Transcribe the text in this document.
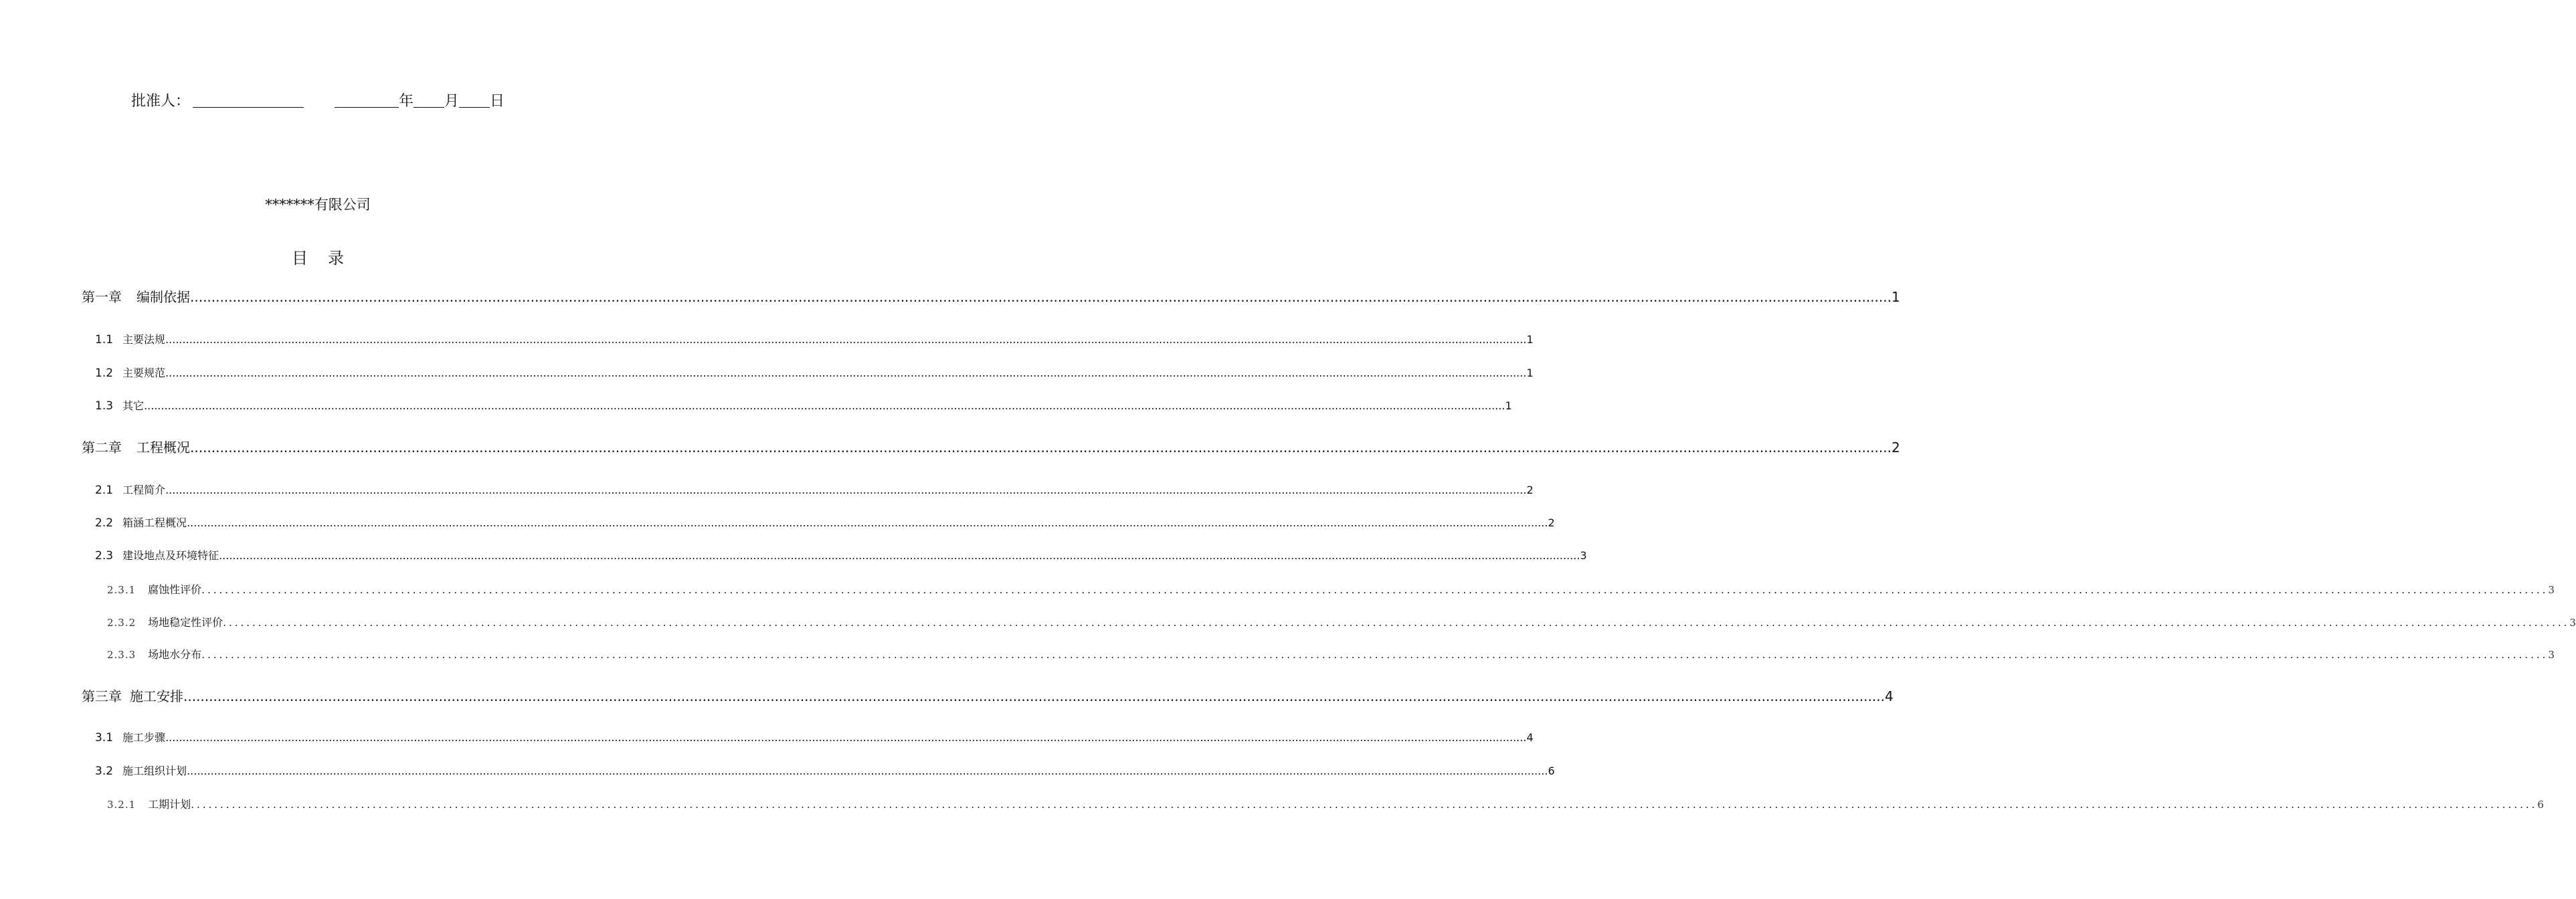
批准人：	年 月 日
*******有限公司
目录
第一章 编制依据 ................................................................................................................................................................................................................................................................................................................................................................................................................ 1
1.1 主要法规 ................................................................................................................................................................................................................................................................................................................................................................................................................ 1
1.2 主要规范 ................................................................................................................................................................................................................................................................................................................................................................................................................ 1
1.3 其它 ................................................................................................................................................................................................................................................................................................................................................................................................................ 1
第二章 工程概况 ................................................................................................................................................................................................................................................................................................................................................................................................................ 2
2.1 工程简介 ................................................................................................................................................................................................................................................................................................................................................................................................................ 2
2.2 箱涵工程概况 ................................................................................................................................................................................................................................................................................................................................................................................................................ 2
2.3 建设地点及环境特征 ................................................................................................................................................................................................................................................................................................................................................................................................................ 3
2.3.1 腐蚀性评价 ................................................................................................................................................................................................................................................................................................................................................................................................................ 3
2.3.2 场地稳定性评价 ................................................................................................................................................................................................................................................................................................................................................................................................................ 3
2.3.3 场地水分布 ................................................................................................................................................................................................................................................................................................................................................................................................................ 3
第三章 施工安排 ................................................................................................................................................................................................................................................................................................................................................................................................................ 4
3.1 施工步骤 ................................................................................................................................................................................................................................................................................................................................................................................................................ 4
3.2 施工组织计划 ................................................................................................................................................................................................................................................................................................................................................................................................................ 6
3.2.1 工期计划 ................................................................................................................................................................................................................................................................................................................................................................................................................ 6
